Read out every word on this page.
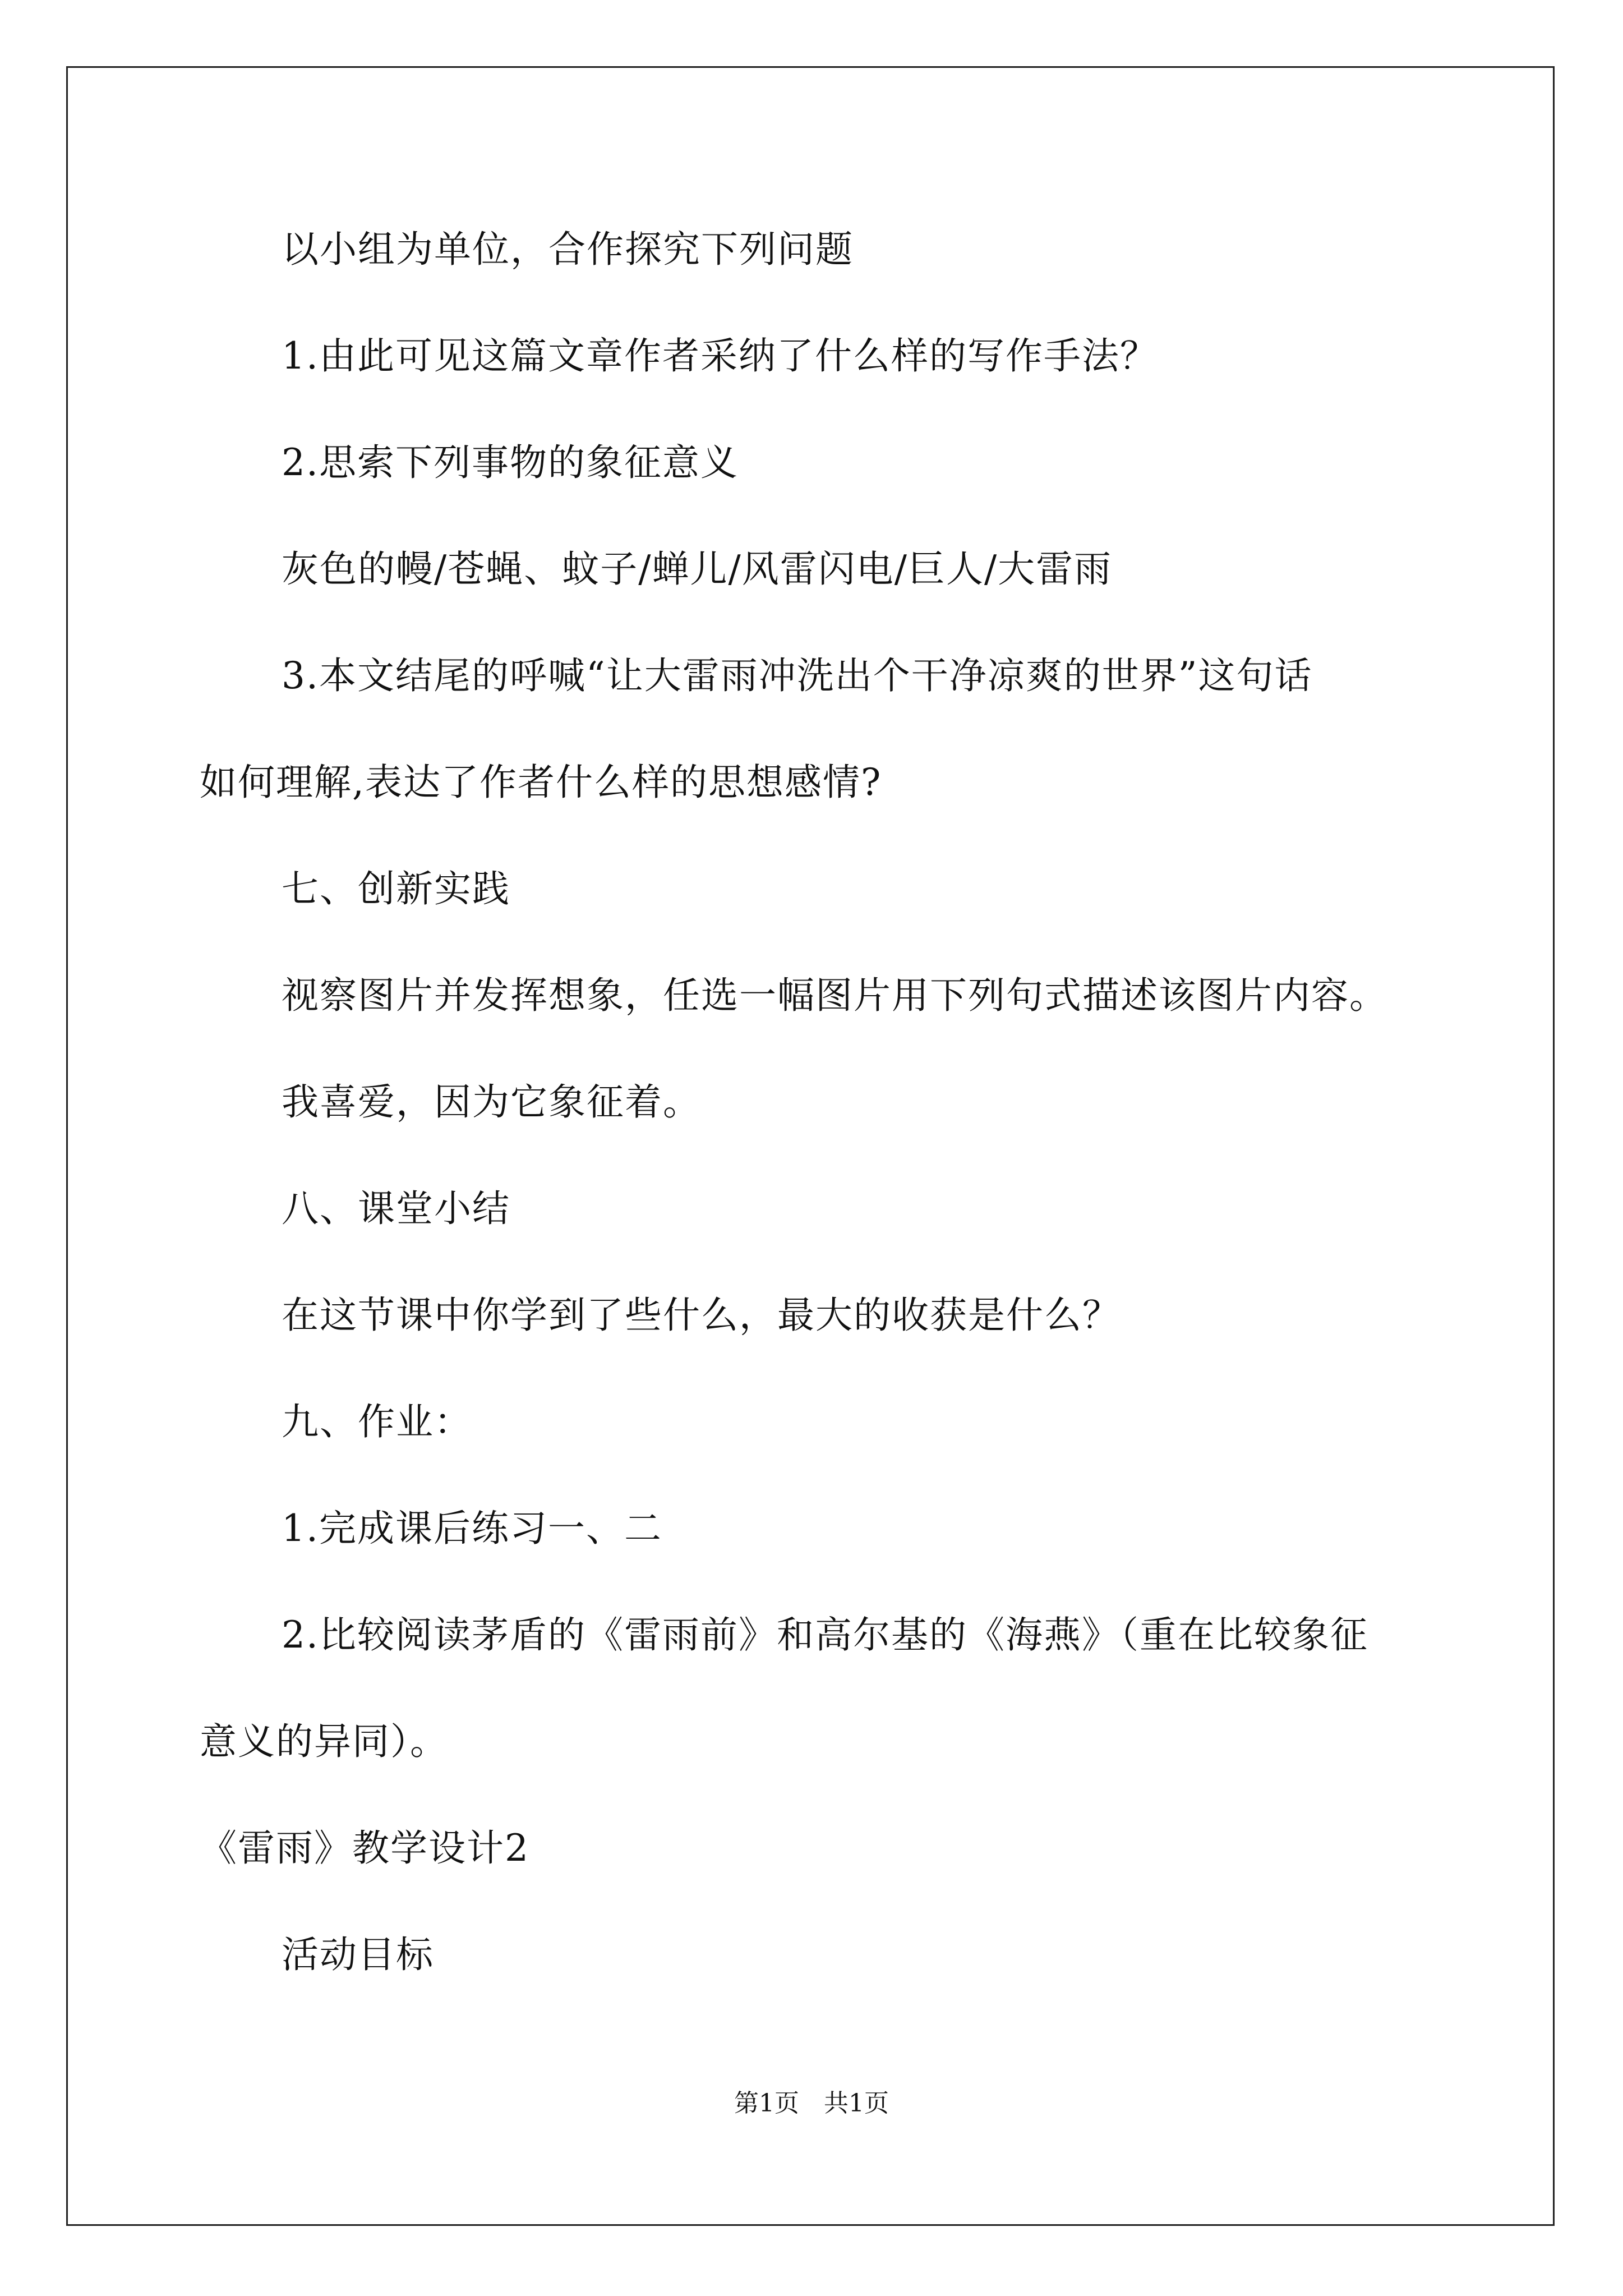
以小组为单位，合作探究下列问题
1.由此可见这篇文章作者采纳了什么样的写作手法？
2.思索下列事物的象征意义
灰色的幔/苍蝇、蚊子/蝉儿/风雷闪电/巨人/大雷雨
3.本文结尾的呼喊“让大雷雨冲洗出个干净凉爽的世界”这句话
如何理解,表达了作者什么样的思想感情?
七、创新实践
视察图片并发挥想象，任选一幅图片用下列句式描述该图片内容。
我喜爱，因为它象征着。
八、课堂小结
在这节课中你学到了些什么，最大的收获是什么？
九、作业：
1.完成课后练习一、二
2.比较阅读茅盾的《雷雨前》和高尔基的《海燕》（重在比较象征
意义的异同）。
《雷雨》教学设计2
活动目标
第1页　共1页
